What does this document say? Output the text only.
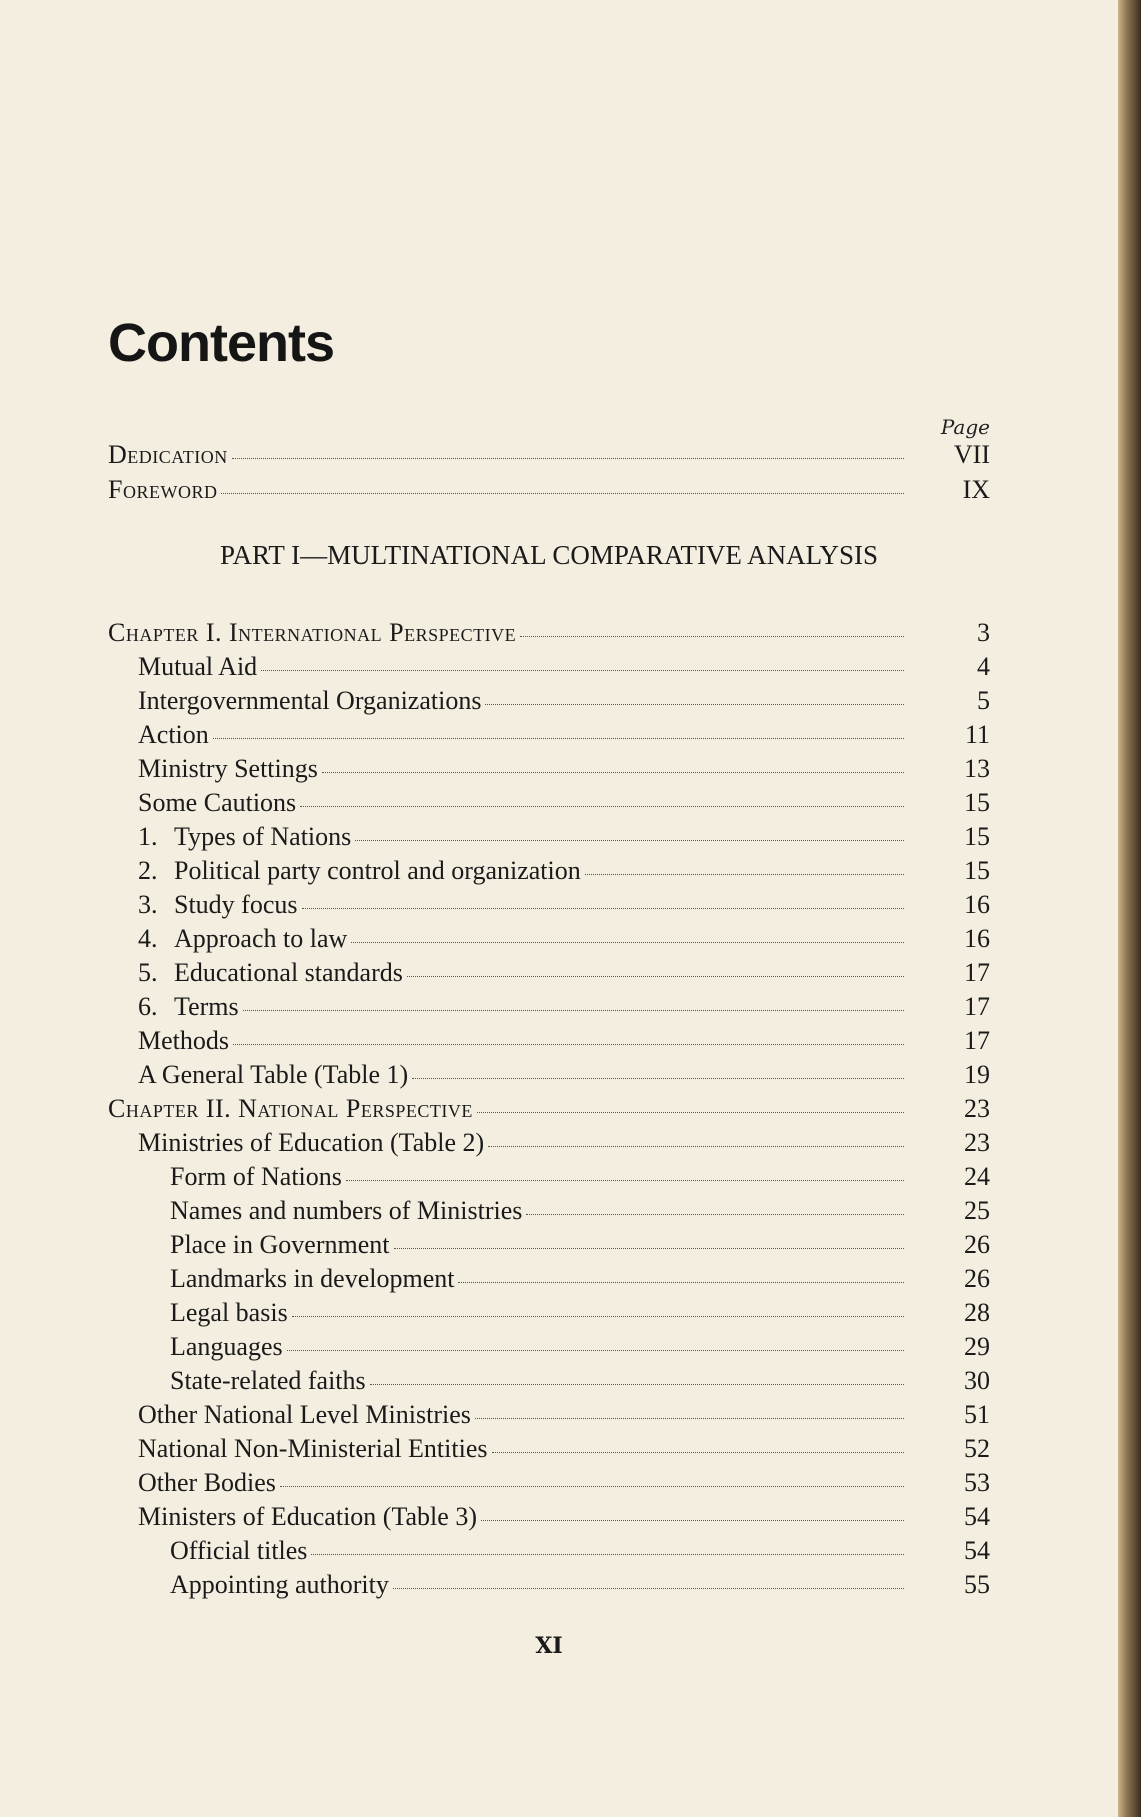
Contents
Page
Dedication	VII
Foreword	IX
PART I—MULTINATIONAL COMPARATIVE ANALYSIS
Chapter I. International Perspective	3
Mutual Aid	4
Intergovernmental Organizations	5
Action	11
Ministry Settings	13
Some Cautions	15
1. Types of Nations	15
2. Political party control and organization	15
3. Study focus	16
4. Approach to law	16
5. Educational standards	17
6. Terms	17
Methods	17
A General Table (Table 1)	19
Chapter II. National Perspective	23
Ministries of Education (Table 2)	23
Form of Nations	24
Names and numbers of Ministries	25
Place in Government	26
Landmarks in development	26
Legal basis	28
Languages	29
State-related faiths	30
Other National Level Ministries	51
National Non-Ministerial Entities	52
Other Bodies	53
Ministers of Education (Table 3)	54
Official titles	54
Appointing authority	55
XI
